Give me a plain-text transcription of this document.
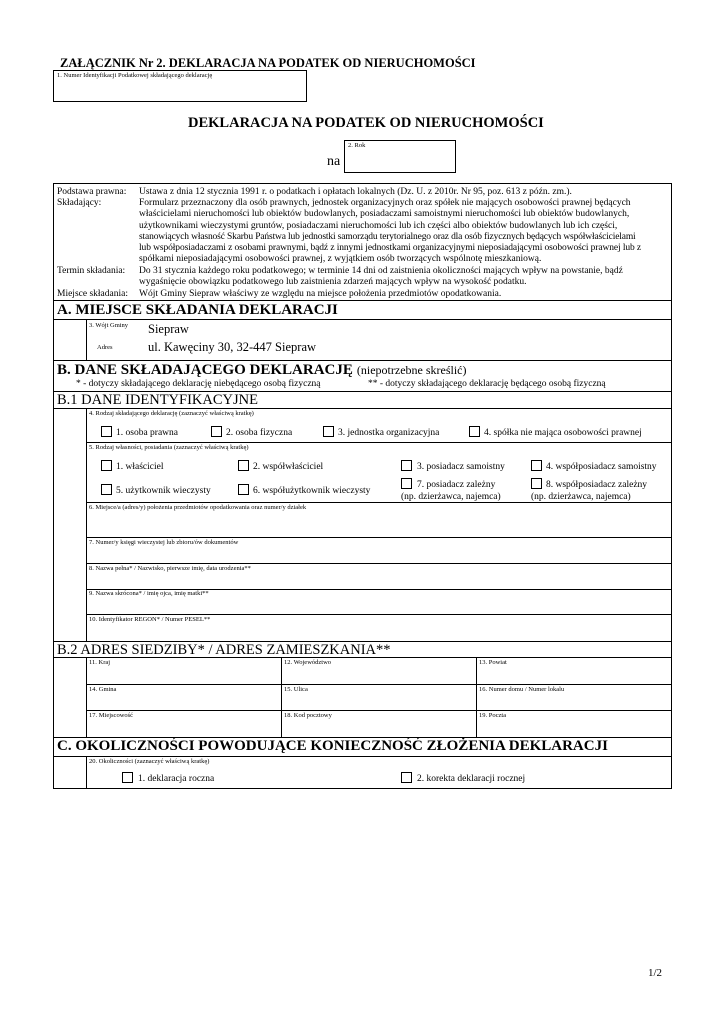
ZAŁĄCZNIK Nr 2. DEKLARACJA NA PODATEK OD NIERUCHOMOŚCI
1. Numer Identyfikacji Podatkowej składającego deklarację
DEKLARACJA NA PODATEK OD NIERUCHOMOŚCI
na
2. Rok
Podstawa prawna: Ustawa z dnia 12 stycznia 1991 r. o podatkach i opłatach lokalnych (Dz. U. z 2010r. Nr 95, poz. 613 z późn. zm.).
Składający:	Formularz przeznaczony dla osób prawnych, jednostek organizacyjnych oraz spółek nie mających osobowości prawnej będących
właścicielami nieruchomości lub obiektów budowlanych, posiadaczami samoistnymi nieruchomości lub obiektów budowlanych,
użytkownikami wieczystymi gruntów, posiadaczami nieruchomości lub ich części albo obiektów budowlanych lub ich części,
stanowiących własność Skarbu Państwa lub jednostki samorządu terytorialnego oraz dla osób fizycznych będących współwłaścicielami
lub współposiadaczami z osobami prawnymi, bądź z innymi jednostkami organizacyjnymi nieposiadającymi osobowości prawnej lub z
spółkami nieposiadającymi osobowości prawnej, z wyjątkiem osób tworzących wspólnotę mieszkaniową.
Termin składania: Do 31 stycznia każdego roku podatkowego; w terminie 14 dni od zaistnienia okoliczności mających wpływ na powstanie, bądź
wygaśnięcie obowiązku podatkowego lub zaistnienia zdarzeń mających wpływ na wysokość podatku.
Miejsce składania: Wójt Gminy Siepraw właściwy ze względu na miejsce położenia przedmiotów opodatkowania.
A. MIEJSCE SKŁADANIA DEKLARACJI
3. Wójt Gminy Siepraw
Adres	ul. Kawęciny 30, 32-447 Siepraw
B. DANE SKŁADAJĄCEGO DEKLARACJĘ (niepotrzebne skreślić)
* - dotyczy składającego deklarację niebędącego osobą fizyczną	** - dotyczy składającego deklarację będącego osobą fizyczną
B.1 DANE IDENTYFIKACYJNE
4. Rodzaj składającego deklarację (zaznaczyć właściwą kratkę)
1. osoba prawna	2. osoba fizyczna	3. jednostka organizacyjna	4. spółka nie mająca osobowości prawnej
5. Rodzaj własności, posiadania (zaznaczyć właściwą kratkę)
1. właściciel	2. współwłaściciel	3. posiadacz samoistny	4. współposiadacz samoistny
5. użytkownik wieczysty	6. współużytkownik wieczysty
7. posiadacz zależny
(np. dzierżawca, najemca)
8. współposiadacz zależny
(np. dzierżawca, najemca)
6. Miejsce/a (adres/y) położenia przedmiotów opodatkowania oraz numer/y działek
7. Numer/y księgi wieczystej lub zbioru/ów dokumentów
8. Nazwa pełna* / Nazwisko, pierwsze imię, data urodzenia**
9. Nazwa skrócona* / imię ojca, imię matki**
10. Identyfikator REGON* / Numer PESEL**
B.2 ADRES SIEDZIBY* / ADRES ZAMIESZKANIA**
11. Kraj	12. Województwo	13. Powiat
14. Gmina	15. Ulica	16. Numer domu / Numer lokalu
17. Miejscowość	18. Kod pocztowy	19. Poczta
C. OKOLICZNOŚCI POWODUJĄCE KONIECZNOŚĆ ZŁOŻENIA DEKLARACJI
20. Okoliczności (zaznaczyć właściwą kratkę)
1. deklaracja roczna	2. korekta deklaracji rocznej
1/2
